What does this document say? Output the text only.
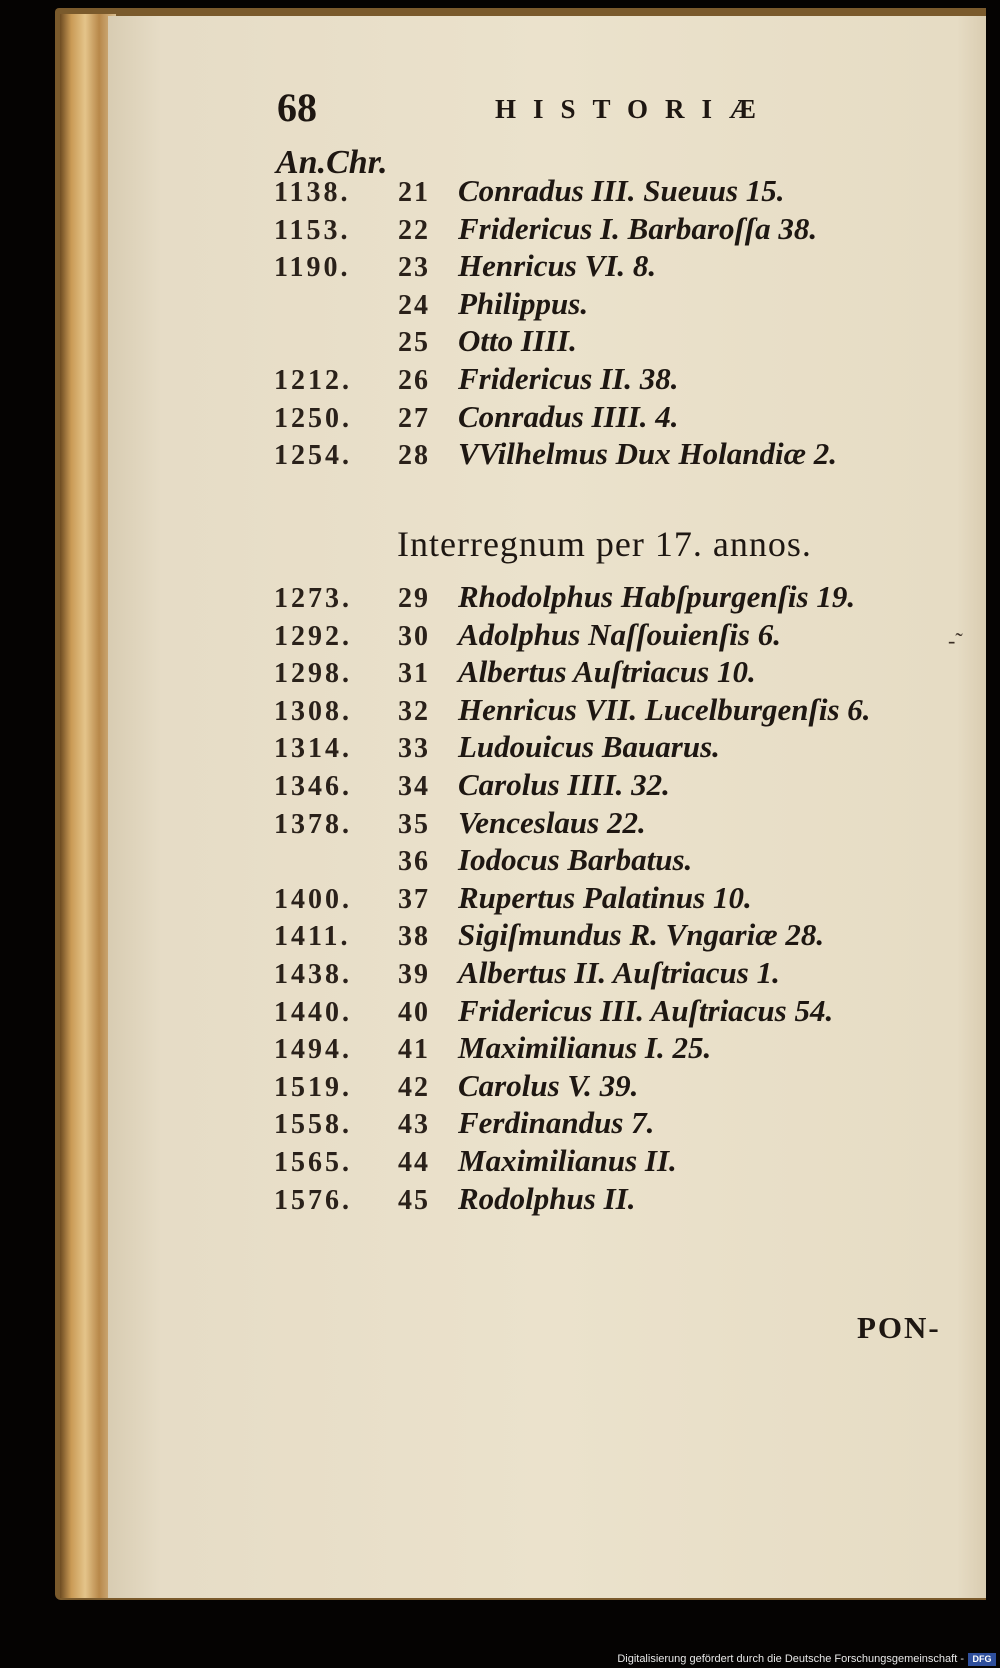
68	HISTORIÆ
An.Chr.
1138. 21 Conradus III. Sueuus 15.
1153. 22 Fridericus I. Barbaroſſa 38.
1190. 23 Henricus VI. 8.
24 Philippus.
25 Otto IIII.
1212. 26 Fridericus II. 38.
1250. 27 Conradus IIII. 4.
1254. 28 VVilhelmus Dux Holandiæ 2.
Interregnum per 17. annos.
1273. 29 Rhodolphus Habſpurgenſis 19.
1292. 30 Adolphus Naſſouienſis 6.
1298. 31 Albertus Auſtriacus 10.
1308. 32 Henricus VII. Lucelburgenſis 6.
1314. 33 Ludouicus Bauarus.
1346. 34 Carolus IIII. 32.
1378. 35 Venceslaus 22.
36 Iodocus Barbatus.
1400. 37 Rupertus Palatinus 10.
1411. 38 Sigiſmundus R. Vngariæ 28.
1438. 39 Albertus II. Auſtriacus 1.
1440. 40 Fridericus III. Auſtriacus 54.
1494. 41 Maximilianus I. 25.
1519. 42 Carolus V. 39.
1558. 43 Ferdinandus 7.
1565. 44 Maximilianus II.
1576. 45 Rodolphus II.
-̃
PON-
Digitalisierung gefördert durch die Deutsche Forschungsgemeinschaft - DFG
